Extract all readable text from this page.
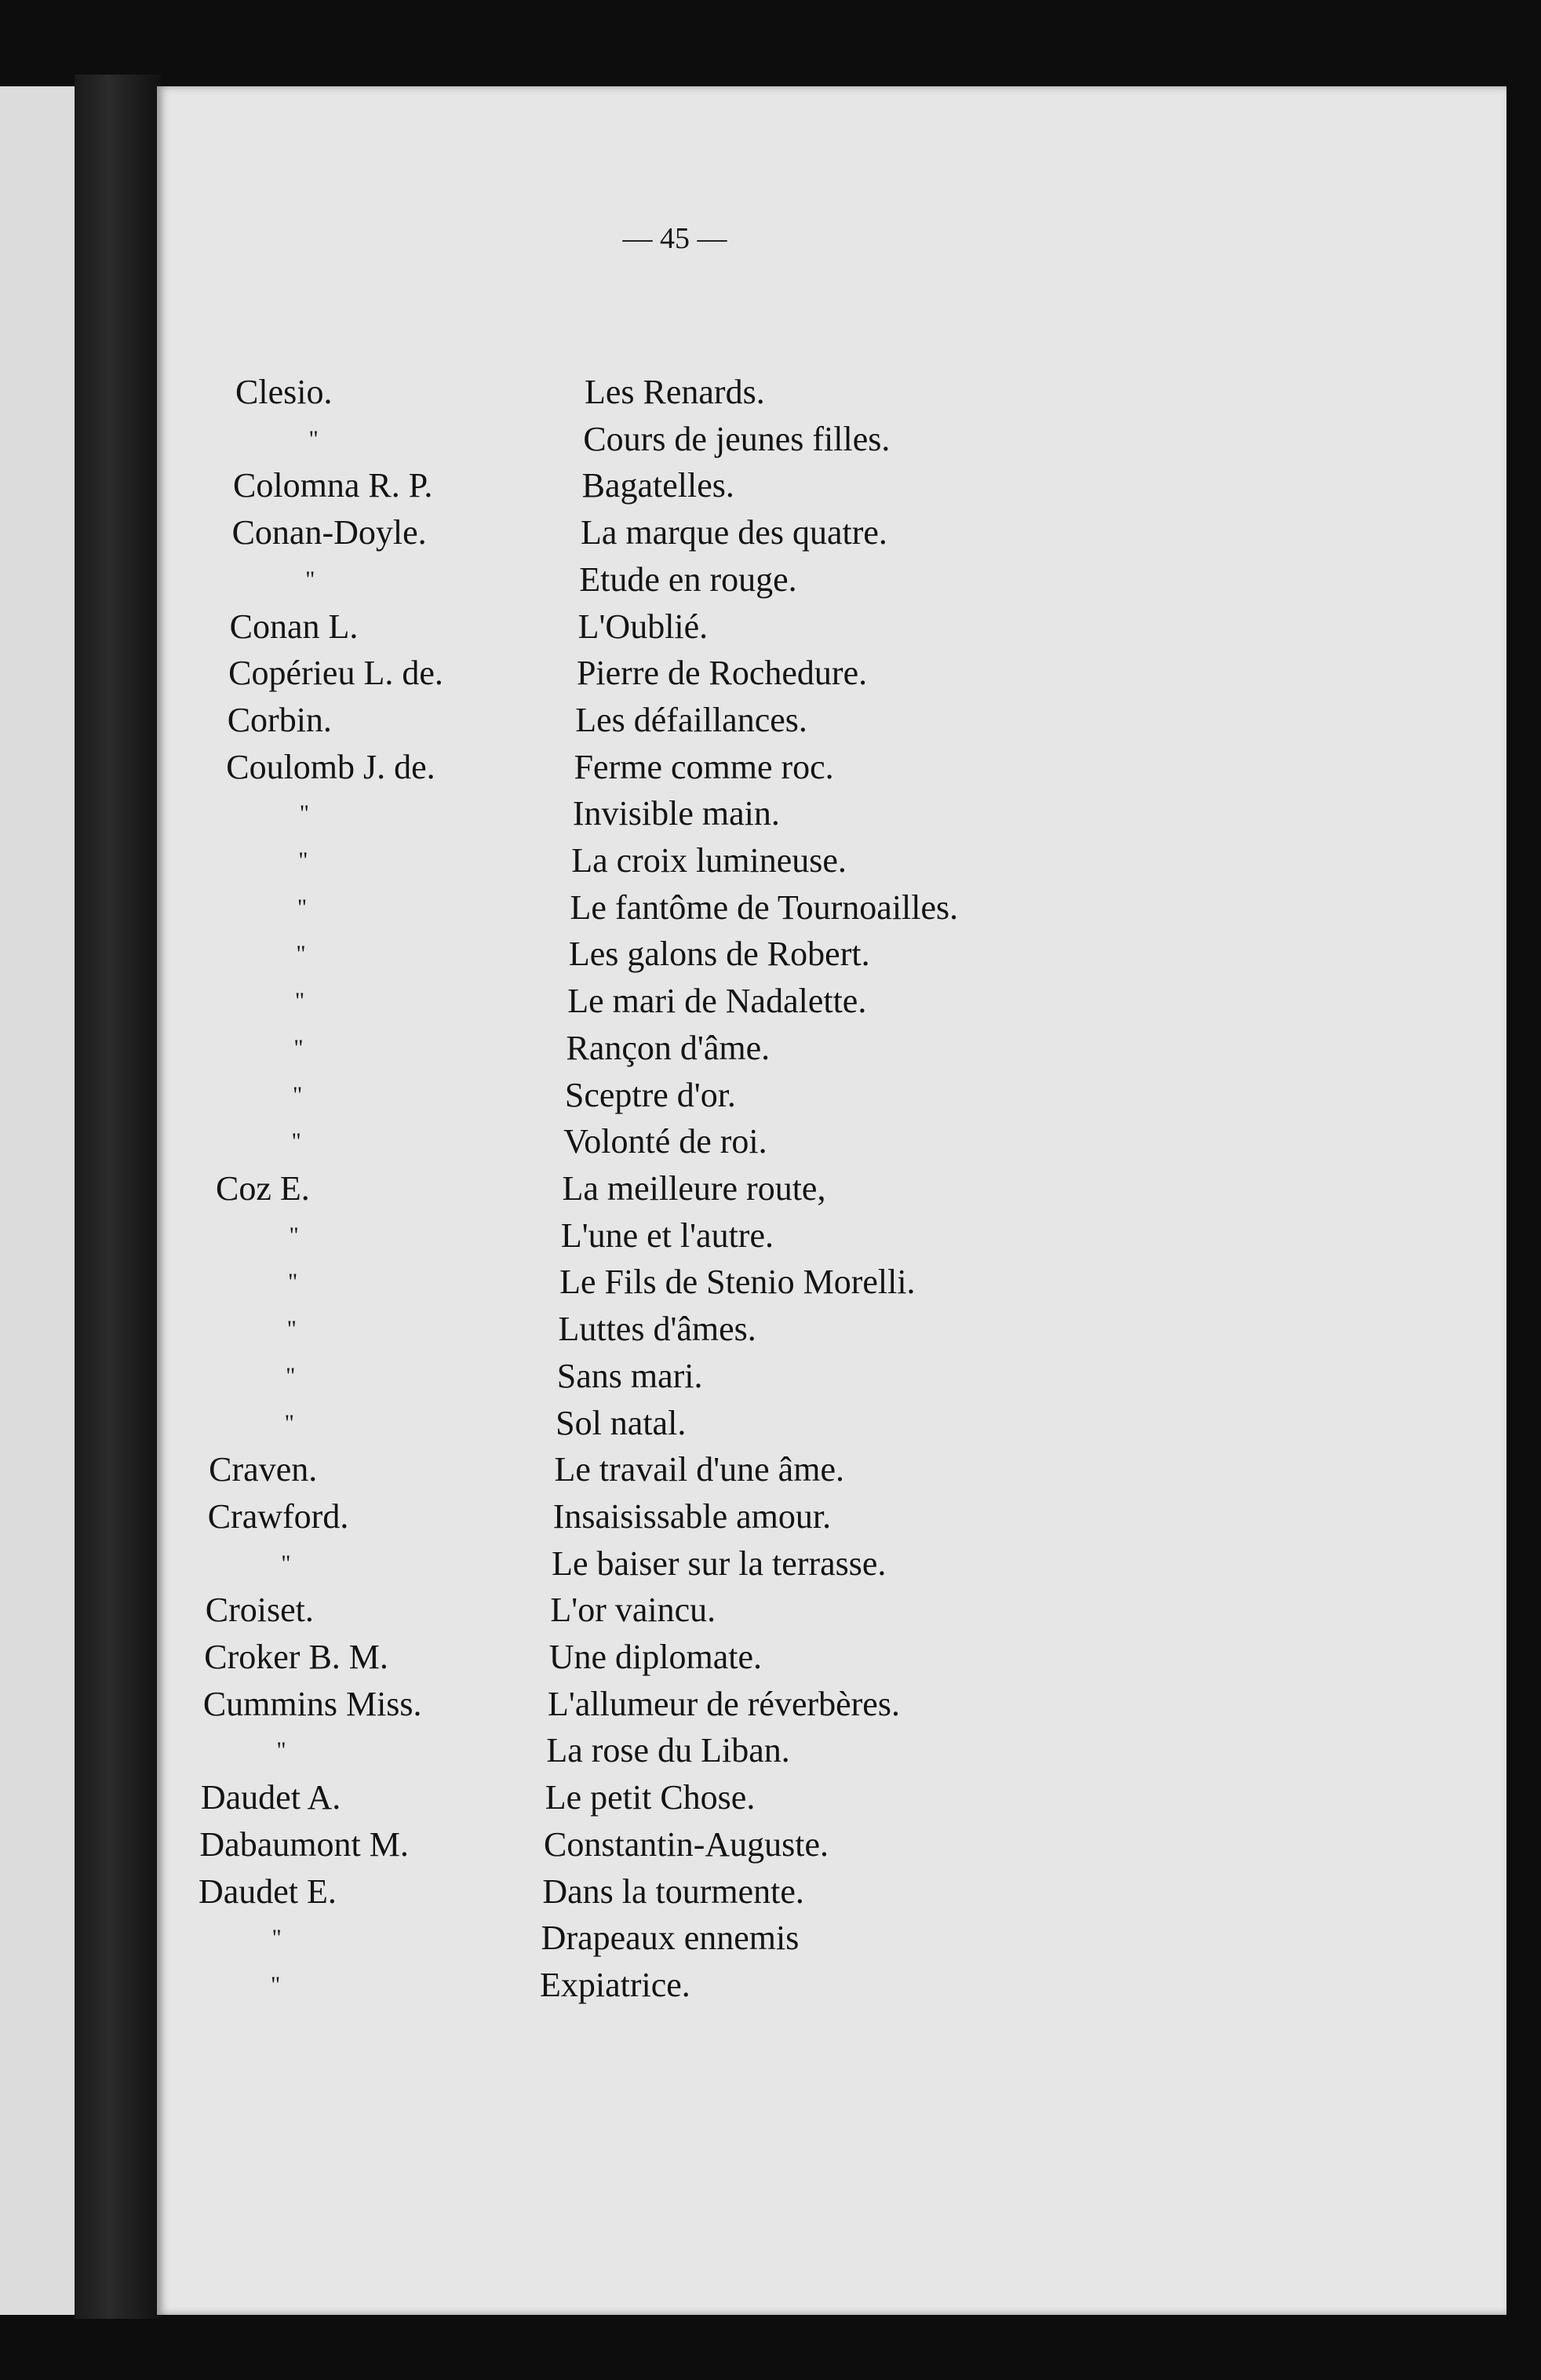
— 45 —
Clesio.	Les Renards.
"	Cours de jeunes filles.
Colomna R. P.	Bagatelles.
Conan-Doyle.	La marque des quatre.
"	Etude en rouge.
Conan L.	L'Oublié.
Copérieu L. de.	Pierre de Rochedure.
Corbin.	Les défaillances.
Coulomb J. de.	Ferme comme roc.
"	Invisible main.
"	La croix lumineuse.
"	Le fantôme de Tournoailles.
"	Les galons de Robert.
"	Le mari de Nadalette.
"	Rançon d'âme.
"	Sceptre d'or.
"	Volonté de roi.
Coz E.	La meilleure route,
"	L'une et l'autre.
"	Le Fils de Stenio Morelli.
"	Luttes d'âmes.
"	Sans mari.
"	Sol natal.
Craven.	Le travail d'une âme.
Crawford.	Insaisissable amour.
"	Le baiser sur la terrasse.
Croiset.	L'or vaincu.
Croker B. M.	Une diplomate.
Cummins Miss.	L'allumeur de réverbères.
"	La rose du Liban.
Daudet A.	Le petit Chose.
Dabaumont M.	Constantin-Auguste.
Daudet E.	Dans la tourmente.
"	Drapeaux ennemis
"	Expiatrice.
